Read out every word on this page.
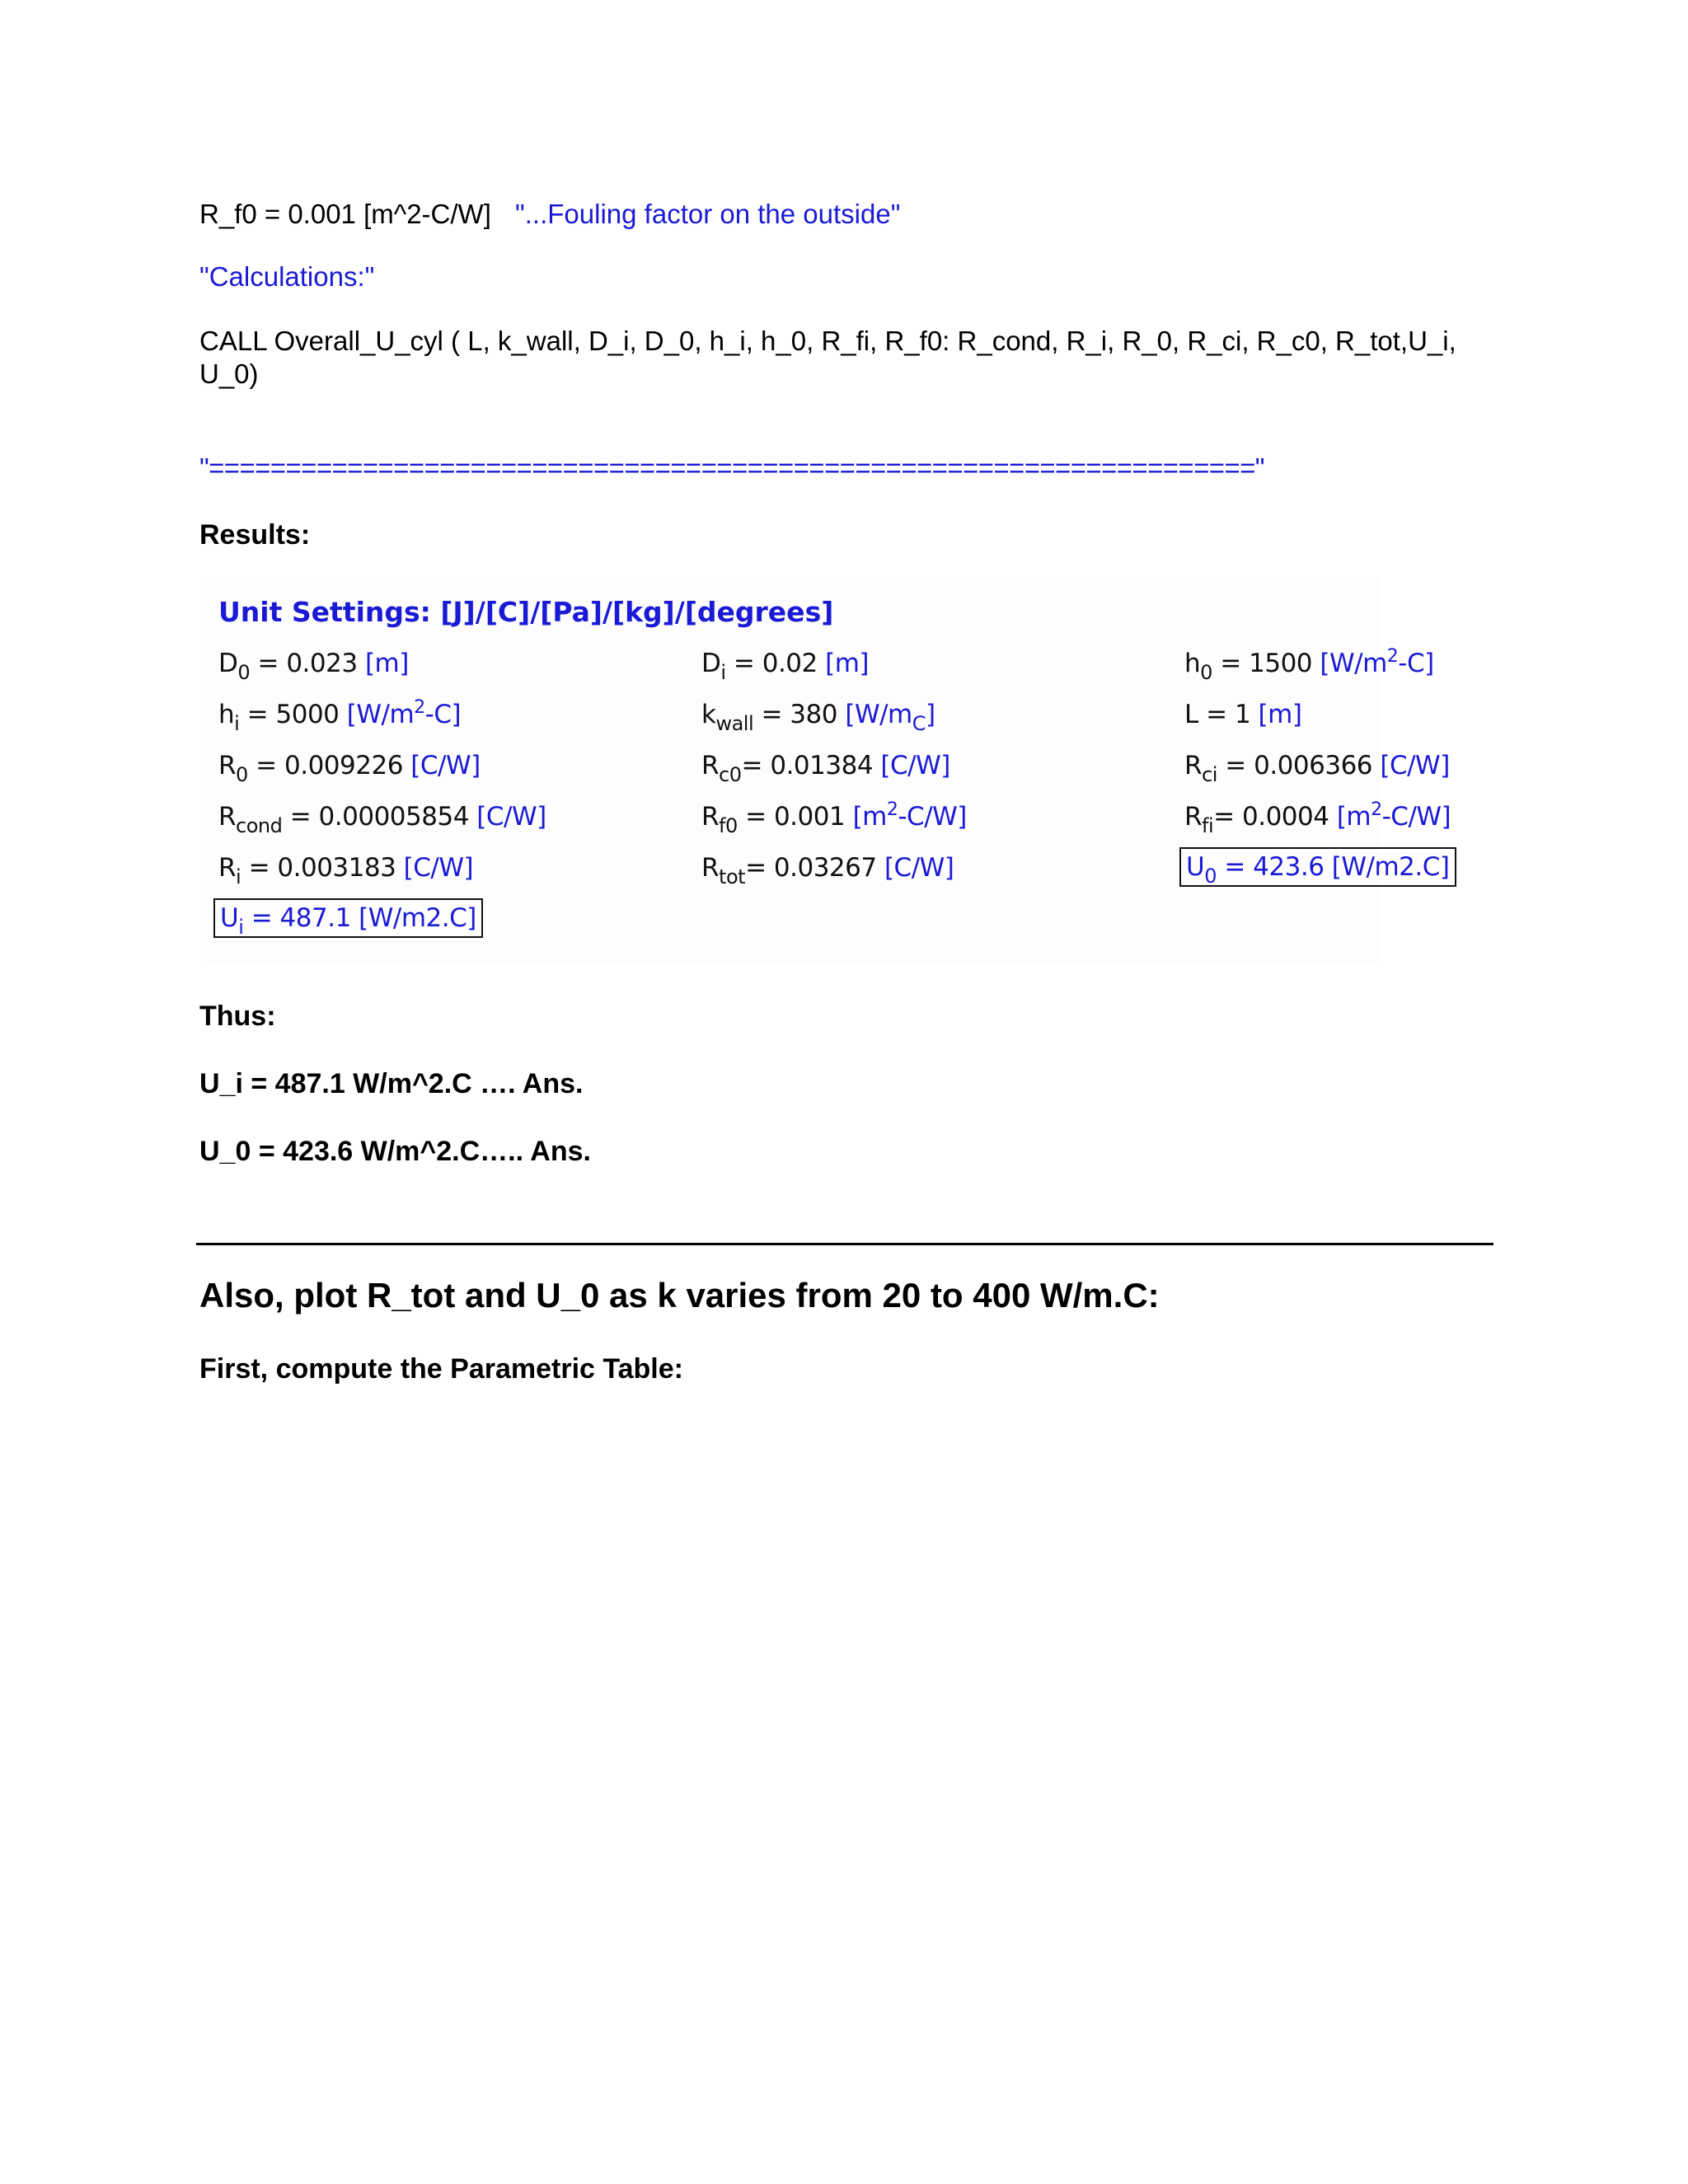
R_f0 = 0.001 [m^2-C/W] "...Fouling factor on the outside"
"Calculations:"
CALL Overall_U_cyl ( L, k_wall, D_i, D_0, h_i, h_0, R_fi, R_f0: R_cond, R_i, R_0, R_ci, R_c0, R_tot,U_i,
U_0)
"===================================================================="
Results:
Unit Settings: [J]/[C]/[Pa]/[kg]/[degrees]
$D_0 = 0.023$ [m]	$D_i = 0.02$ [m]	$h_0 = 1500$ $[W/m^2-C]$
$h_i = 5000$ $[W/m^2-C]$	$k_{wall} = 380$ $[W/m_C]$	L = 1 [m]
$R_0 = 0.009226$ [C/W]	$R_{c0}= 0.01384$ [C/W]	$R_{ci} = 0.006366$ [C/W]
$R_{cond} = 0.00005854$ [C/W]	$R_{f0} = 0.001$ $[m^2-C/W]$	$R_{fi}= 0.0004$ $[m^2-C/W]$
$R_i = 0.003183$ [C/W]	$R_{tot}= 0.03267$ [C/W]	$U_0 = 423.6$ [W/m2.C]
$U_i = 487.1$ [W/m2.C]
Thus:
U_i = 487.1 W/m^2.C …. Ans.
U_0 = 423.6 W/m^2.C….. Ans.
Also, plot R_tot and U_0 as k varies from 20 to 400 W/m.C:
First, compute the Parametric Table:
